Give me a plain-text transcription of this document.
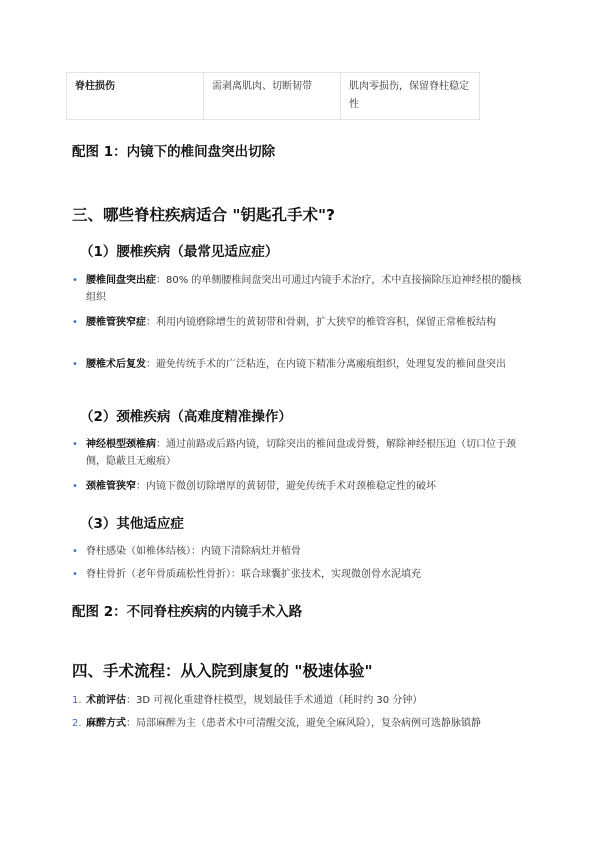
脊柱损伤	需剥离肌肉、切断韧带	肌肉零损伤，保留脊柱稳定性
配图 1：内镜下的椎间盘突出切除
三、哪些脊柱疾病适合 "钥匙孔手术"?
（1）腰椎疾病（最常见适应症）
• 腰椎间盘突出症：80% 的单侧腰椎间盘突出可通过内镜手术治疗，术中直接摘除压迫神经根的髓核组织
• 腰椎管狭窄症：利用内镜磨除增生的黄韧带和骨刺，扩大狭窄的椎管容积，保留正常椎板结构
• 腰椎术后复发：避免传统手术的广泛粘连，在内镜下精准分离瘢痕组织，处理复发的椎间盘突出
（2）颈椎疾病（高难度精准操作）
• 神经根型颈椎病：通过前路或后路内镜，切除突出的椎间盘或骨赘，解除神经根压迫（切口位于颈侧，隐蔽且无瘢痕）
• 颈椎管狭窄：内镜下微创切除增厚的黄韧带，避免传统手术对颈椎稳定性的破坏
（3）其他适应症
• 脊柱感染（如椎体结核）：内镜下清除病灶并植骨
• 脊柱骨折（老年骨质疏松性骨折）：联合球囊扩张技术，实现微创骨水泥填充
配图 2：不同脊柱疾病的内镜手术入路
四、手术流程：从入院到康复的 "极速体验"
1. 术前评估：3D 可视化重建脊柱模型，规划最佳手术通道（耗时约 30 分钟）
2. 麻醉方式：局部麻醉为主（患者术中可清醒交流，避免全麻风险），复杂病例可选静脉镇静
